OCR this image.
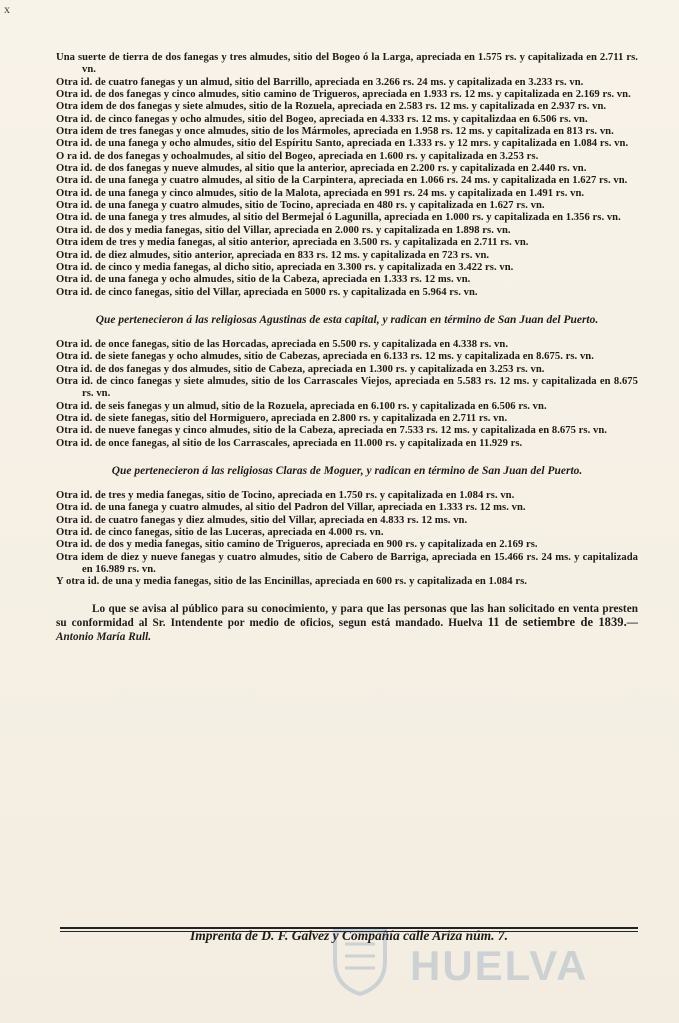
x

Una suerte de tierra de dos fanegas y tres almudes, sitio del Bogeo ó la Larga, apreciada en 1.575 rs. y capitalizada en 2.711 rs. vn.

Otra id. de cuatro fanegas y un almud, sitio del Barrillo, apreciada en 3.266 rs. 24 ms. y capitalizada en 3.233 rs. vn.

Otra id. de dos fanegas y cinco almudes, sitio camino de Trigueros, apreciada en 1.933 rs. 12 ms. y capitalizada en 2.169 rs. vn.

Otra idem de dos fanegas y siete almudes, sitio de la Rozuela, apreciada en 2.583 rs. 12 ms. y capitalizada en 2.937 rs. vn.

Otra id. de cinco fanegas y ocho almudes, sitio del Bogeo, apreciada en 4.333 rs. 12 ms. y capitalizdaa en 6.506 rs. vn.

Otra idem de tres fanegas y once almudes, sitio de los Mármoles, apreciada en 1.958 rs. 12 ms. y capitalizada en 813 rs. vn.

Otra id. de una fanega y ocho almudes, sitio del Espíritu Santo, apreciada en 1.333 rs. y 12 mrs. y capitalizada en 1.084 rs. vn.

O ra id. de dos fanegas y ochoalmudes, al sitio del Bogeo, apreciada en 1.600 rs. y capitalizada en 3.253 rs.

Otra id. de dos fanegas y nueve almudes, al sitio que la anterior, apreciada en 2.200 rs. y capitalizada en 2.440 rs. vn.

Otra id. de una fanega y cuatro almudes, al sitio de la Carpintera, apreciada en 1.066 rs. 24 ms. y capitalizada en 1.627 rs. vn.

Otra id. de una fanega y cinco almudes, sitio de la Malota, apreciada en 991 rs. 24 ms. y capitalizada en 1.491 rs. vn.

Otra id. de una fanega y cuatro almudes, sitio de Tocino, apreciada en 480 rs. y capitalizada en 1.627 rs. vn.

Otra id. de una fanega y tres almudes, al sitio del Bermejal ó Lagunilla, apreciada en 1.000 rs. y capitalizada en 1.356 rs. vn.

Otra id. de dos y media fanegas, sitio del Villar, apreciada en 2.000 rs. y capitalizada en 1.898 rs. vn.

Otra idem de tres y media fanegas, al sitio anterior, apreciada en 3.500 rs. y capitalizada en 2.711 rs. vn.

Otra id. de diez almudes, sitio anterior, apreciada en 833 rs. 12 ms. y capitalizada en 723 rs. vn.

Otra id. de cinco y media fanegas, al dicho sitio, apreciada en 3.300 rs. y capitalizada en 3.422 rs. vn.

Otra id. de una fanega y ocho almudes, sitio de la Cabeza, apreciada en 1.333 rs. 12 ms. vn.

Otra id. de cinco fanegas, sitio del Villar, apreciada en 5000 rs. y capitalizada en 5.964 rs. vn.

Que pertenecieron á las religiosas Agustinas de esta capital, y radican en término de San Juan del Puerto.

Otra id. de once fanegas, sitio de las Horcadas, apreciada en 5.500 rs. y capitalizada en 4.338 rs. vn.

Otra id. de siete fanegas y ocho almudes, sitio de Cabezas, apreciada en 6.133 rs. 12 ms. y capitalizada en 8.675. rs. vn.

Otra id. de dos fanegas y dos almudes, sitio de Cabeza, apreciada en 1.300 rs. y capitalizada en 3.253 rs. vn.

Otra id. de cinco fanegas y siete almudes, sitio de los Carrascales Viejos, apreciada en 5.583 rs. 12 ms. y capitalizada en 8.675 rs. vn.

Otra id. de seis fanegas y un almud, sitio de la Rozuela, apreciada en 6.100 rs. y capitalizada en 6.506 rs. vn.

Otra id. de siete fanegas, sitio del Hormiguero, apreciada en 2.800 rs. y capitalizada en 2.711 rs. vn.

Otra id. de nueve fanegas y cinco almudes, sitio de la Cabeza, apreciada en 7.533 rs. 12 ms. y capitalizada en 8.675 rs. vn.

Otra id. de once fanegas, al sitio de los Carrascales, apreciada en 11.000 rs. y capitalizada en 11.929 rs.

Que pertenecieron á las religiosas Claras de Moguer, y radican en término de San Juan del Puerto.

Otra id. de tres y media fanegas, sitio de Tocino, apreciada en 1.750 rs. y capitalizada en 1.084 rs. vn.

Otra id. de una fanega y cuatro almudes, al sitio del Padron del Villar, apreciada en 1.333 rs. 12 ms. vn.

Otra id. de cuatro fanegas y diez almudes, sitio del Villar, apreciada en 4.833 rs. 12 ms. vn.

Otra id. de cinco fanegas, sitio de las Luceras, apreciada en 4.000 rs. vn.

Otra id. de dos y media fanegas, sitio camino de Trigueros, apreciada en 900 rs. y capitalizada en 2.169 rs.

Otra idem de diez y nueve fanegas y cuatro almudes, sitio de Cabero de Barriga, apreciada en 15.466 rs. 24 ms. y capitalizada en 16.989 rs. vn.

Y otra id. de una y media fanegas, sitio de las Encinillas, apreciada en 600 rs. y capitalizada en 1.084 rs.

Lo que se avisa al público para su conocimiento, y para que las personas que las han solicitado en venta presten su conformidad al Sr. Intendente por medio de oficios, segun está mandado. Huelva 11 de setiembre de 1839.—Antonio María Rull.

Imprenta de D. F. Galvez y Compañía calle Ariza núm. 7.
HUELVA
